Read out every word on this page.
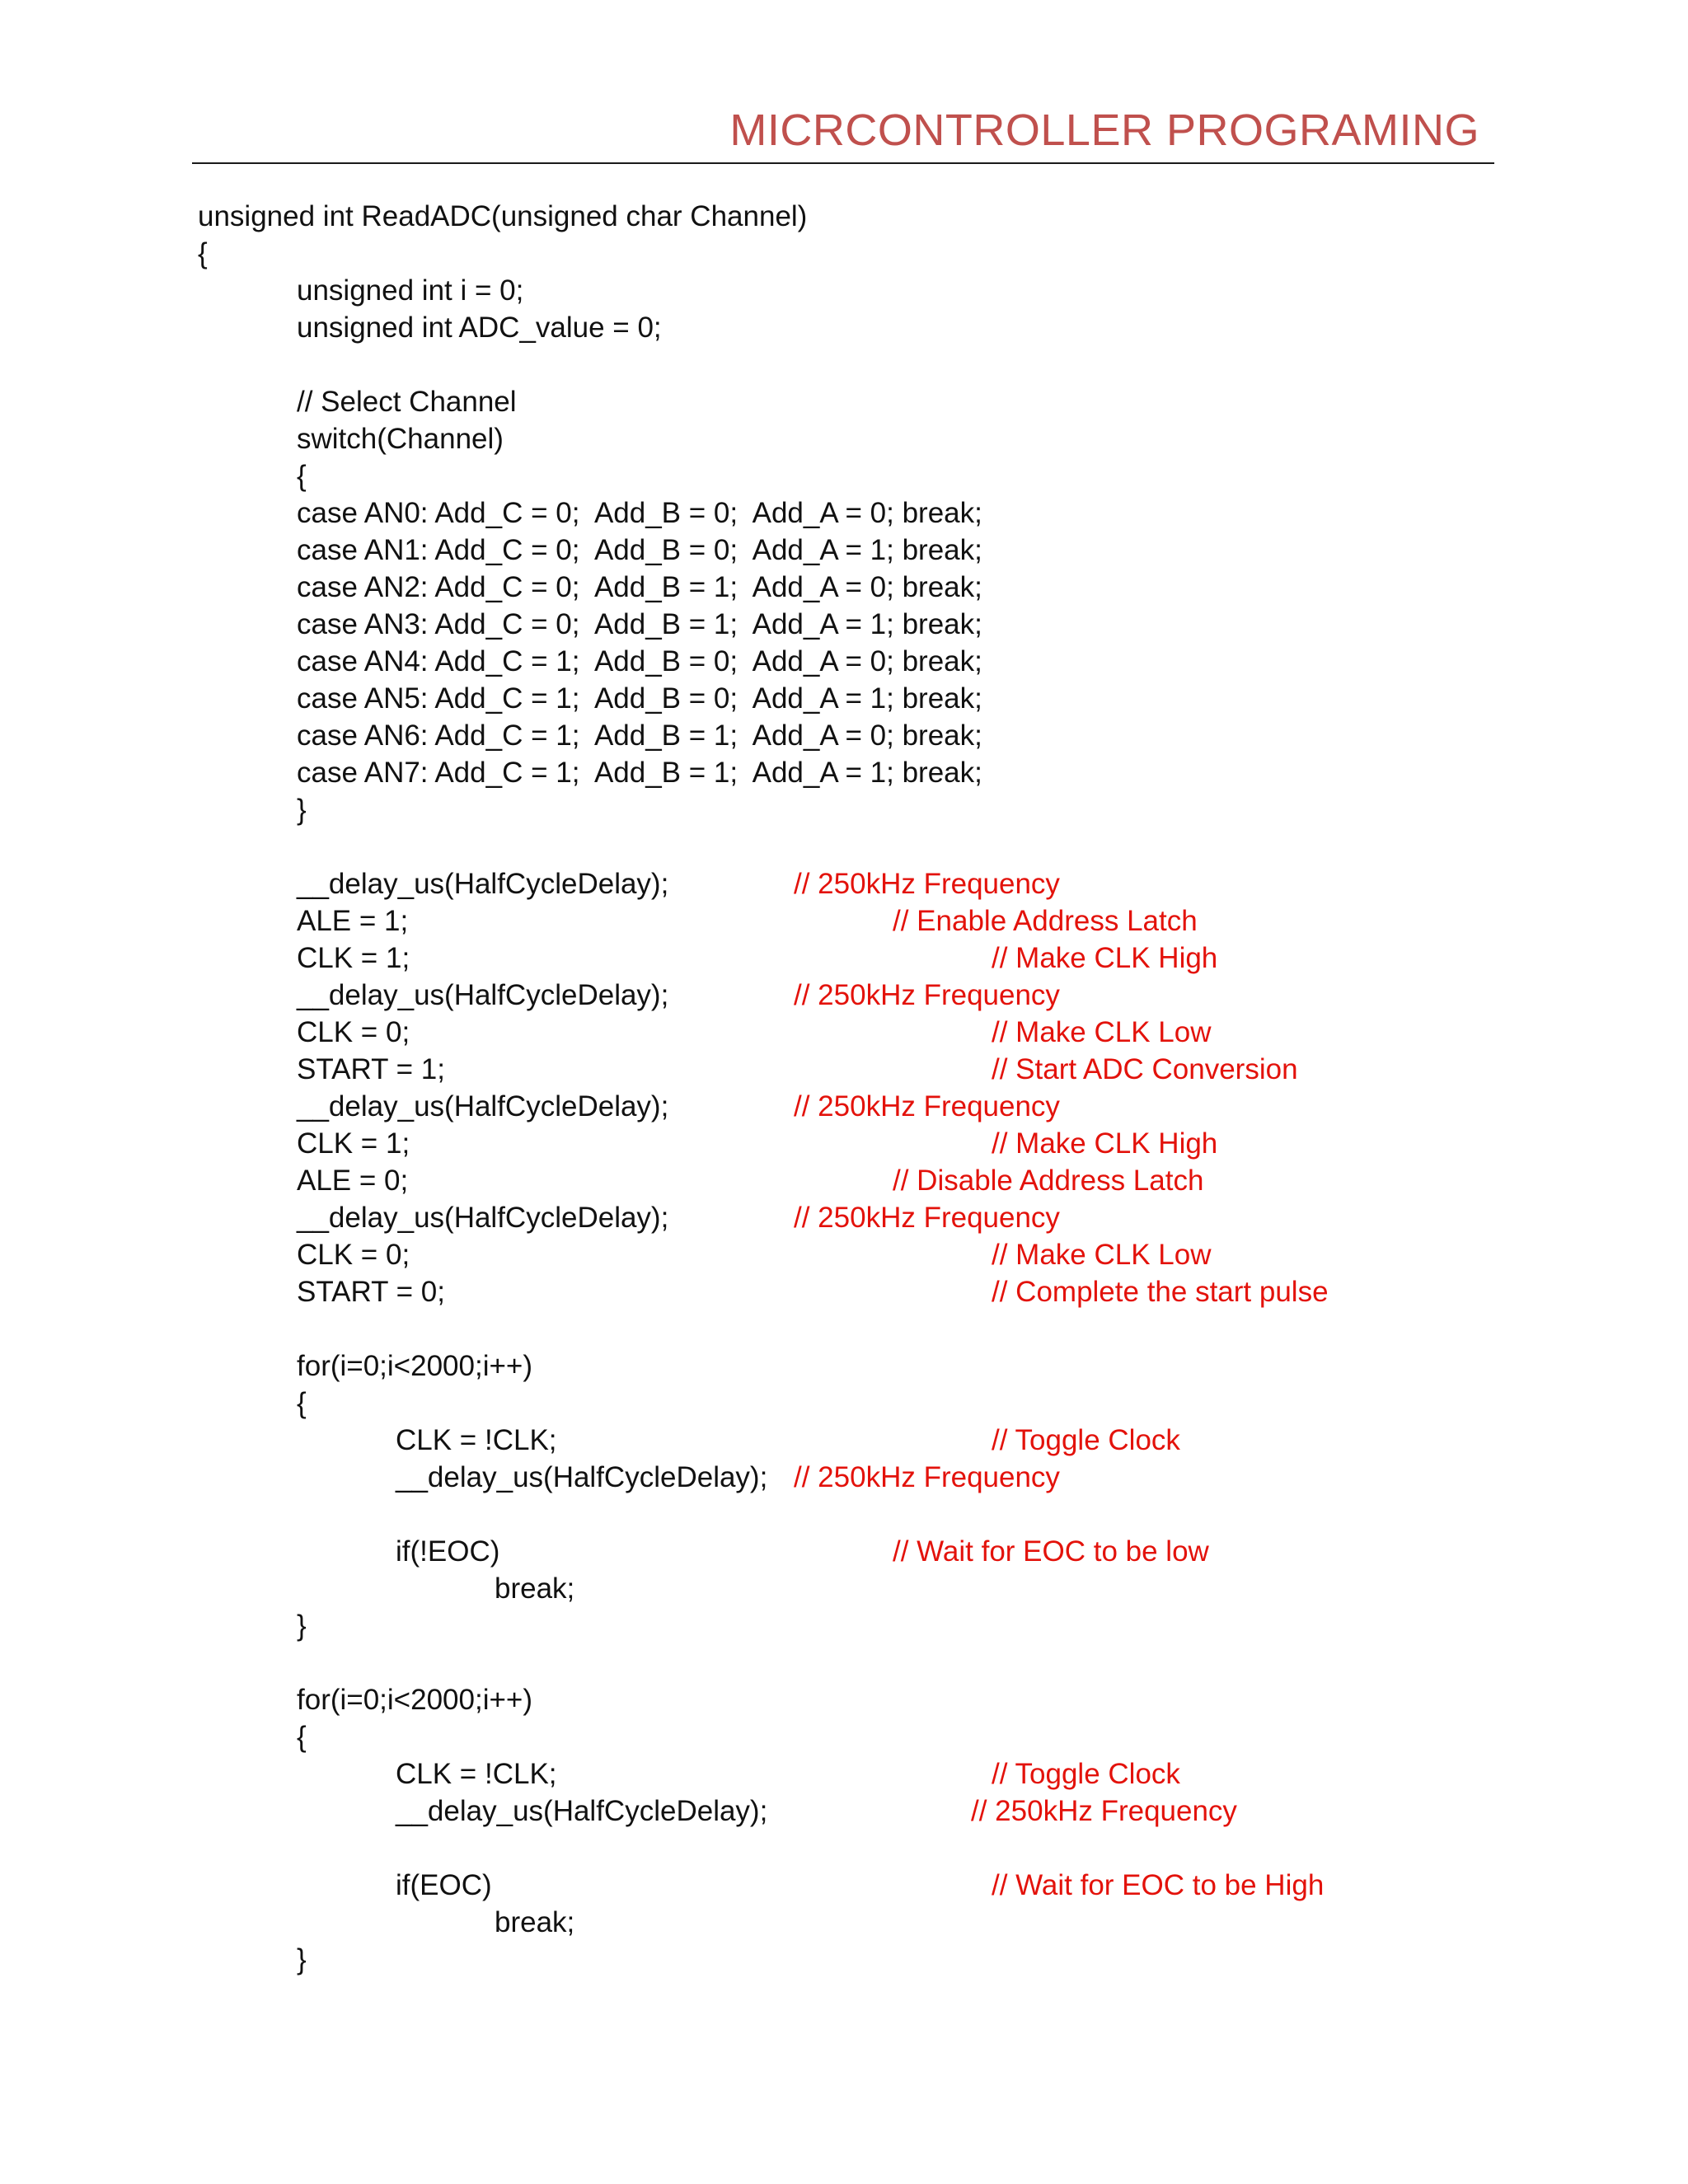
MICRCONTROLLER PROGRAMING
unsigned int ReadADC(unsigned char Channel)
{
unsigned int i = 0;
unsigned int ADC_value = 0;
// Select Channel
switch(Channel)
{
case AN0: Add_C = 0;  Add_B = 0;  Add_A = 0; break;
case AN1: Add_C = 0;  Add_B = 0;  Add_A = 1; break;
case AN2: Add_C = 0;  Add_B = 1;  Add_A = 0; break;
case AN3: Add_C = 0;  Add_B = 1;  Add_A = 1; break;
case AN4: Add_C = 1;  Add_B = 0;  Add_A = 0; break;
case AN5: Add_C = 1;  Add_B = 0;  Add_A = 1; break;
case AN6: Add_C = 1;  Add_B = 1;  Add_A = 0; break;
case AN7: Add_C = 1;  Add_B = 1;  Add_A = 1; break;
}
__delay_us(HalfCycleDelay);	// 250kHz Frequency
ALE = 1;	// Enable Address Latch
CLK = 1;	// Make CLK High
__delay_us(HalfCycleDelay);	// 250kHz Frequency
CLK = 0;	// Make CLK Low
START = 1;	// Start ADC Conversion
__delay_us(HalfCycleDelay);	// 250kHz Frequency
CLK = 1;	// Make CLK High
ALE = 0;	// Disable Address Latch
__delay_us(HalfCycleDelay);	// 250kHz Frequency
CLK = 0;	// Make CLK Low
START = 0;	// Complete the start pulse
for(i=0;i<2000;i++)
{
CLK = !CLK;	// Toggle Clock
__delay_us(HalfCycleDelay); // 250kHz Frequency
if(!EOC)	// Wait for EOC to be low
break;
}
for(i=0;i<2000;i++)
{
CLK = !CLK;	// Toggle Clock
__delay_us(HalfCycleDelay);	// 250kHz Frequency
if(EOC)	// Wait for EOC to be High
break;
}
